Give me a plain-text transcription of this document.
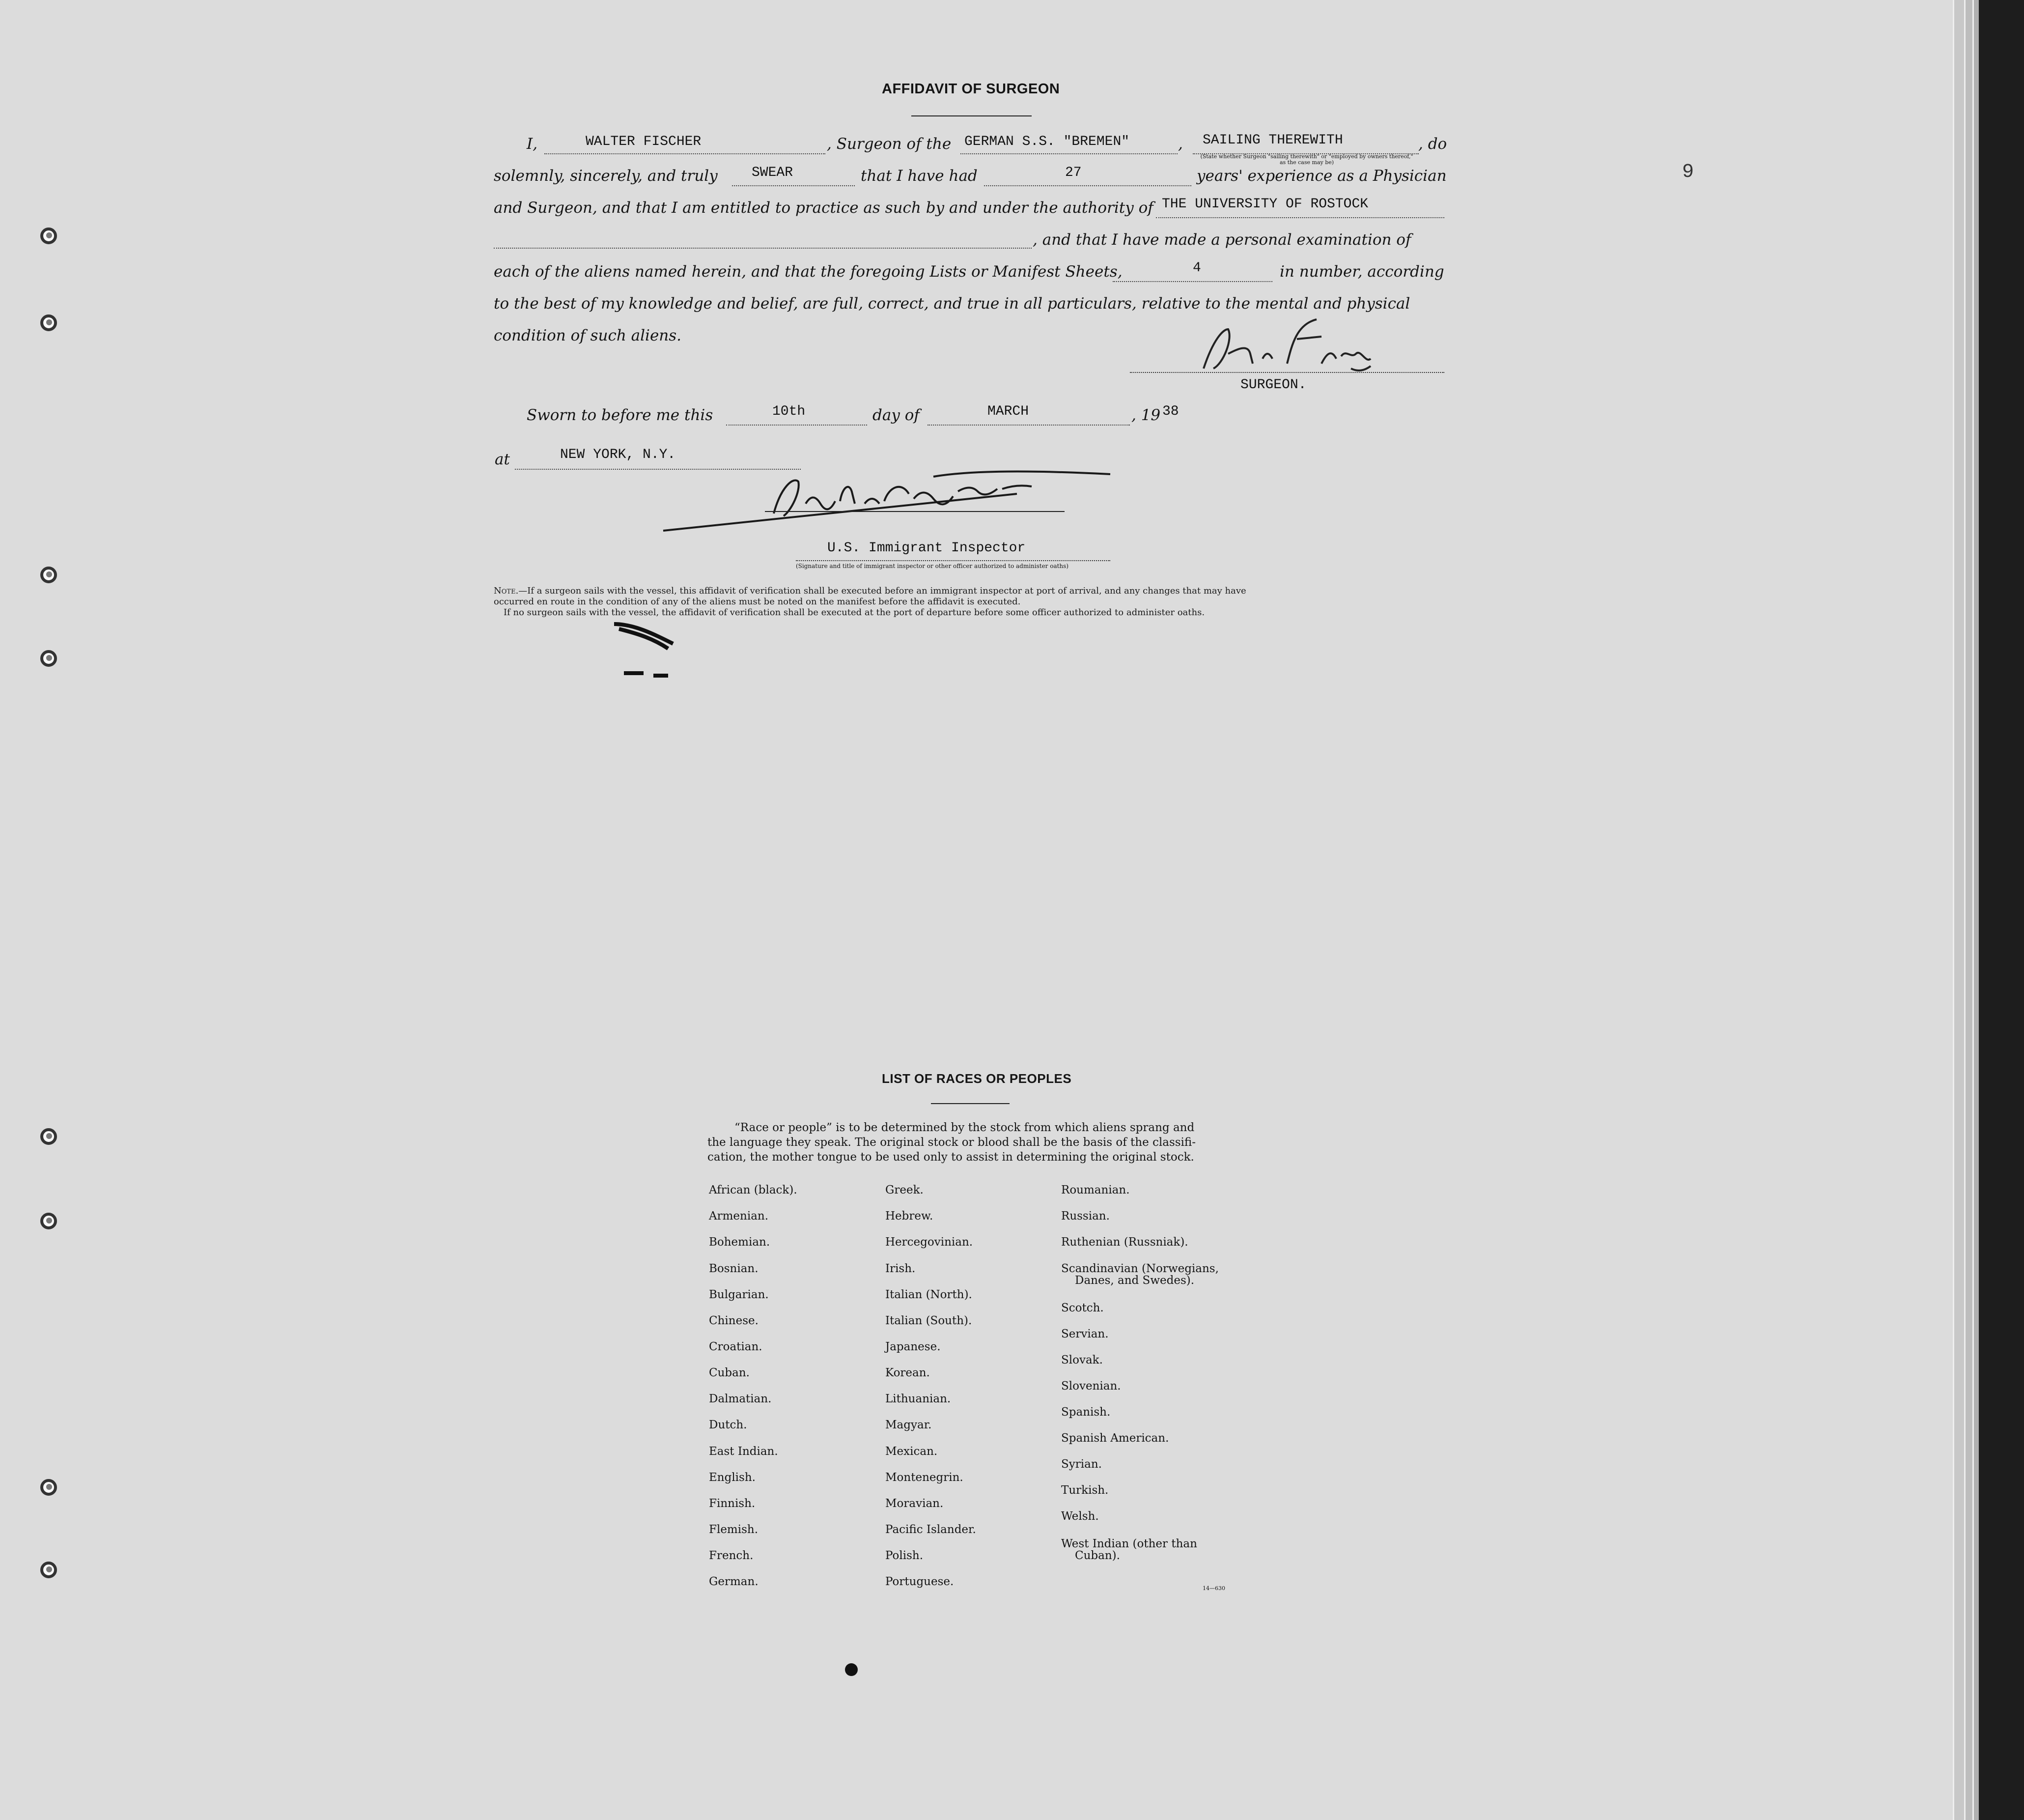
9
AFFIDAVIT OF SURGEON
I,	WALTER FISCHER	, Surgeon of the GERMAN S.S. "BREMEN"	, SAILING THEREWITH	, do
(State whether Surgeon "sailing therewith" or "employed by owners thereof," as the case may be)
solemnly, sincerely, and truly SWEAR	that I have had	27	years' experience as a Physician
and Surgeon, and that I am entitled to practice as such by and under the authority of THE UNIVERSITY OF ROSTOCK
, and that I have made a personal examination of
each of the aliens named herein, and that the foregoing Lists or Manifest Sheets,	4	in number, according
to the best of my knowledge and belief, are full, correct, and true in all particulars, relative to the mental and physical
condition of such aliens.
SURGEON.
Sworn to before me this	10th	day of	MARCH	, 19 38
at	NEW YORK, N.Y.
U.S. Immigrant Inspector
(Signature and title of immigrant inspector or other officer authorized to administer oaths)
Note.—If a surgeon sails with the vessel, this affidavit of verification shall be executed before an immigrant inspector at port of arrival, and any changes that may have
occurred en route in the condition of any of the aliens must be noted on the manifest before the affidavit is executed.
If no surgeon sails with the vessel, the affidavit of verification shall be executed at the port of departure before some officer authorized to administer oaths.
LIST OF RACES OR PEOPLES
“Race or people” is to be determined by the stock from which aliens sprang and
the language they speak. The original stock or blood shall be the basis of the classifi-
cation, the mother tongue to be used only to assist in determining the original stock.
African (black).
Armenian.
Bohemian.
Bosnian.
Bulgarian.
Chinese.
Croatian.
Cuban.
Dalmatian.
Dutch.
East Indian.
English.
Finnish.
Flemish.
French.
German.
Greek.
Hebrew.
Hercegovinian.
Irish.
Italian (North).
Italian (South).
Japanese.
Korean.
Lithuanian.
Magyar.
Mexican.
Montenegrin.
Moravian.
Pacific Islander.
Polish.
Portuguese.
Roumanian.
Russian.
Ruthenian (Russniak).
Scandinavian (Norwegians,
Danes, and Swedes).
Scotch.
Servian.
Slovak.
Slovenian.
Spanish.
Spanish American.
Syrian.
Turkish.
Welsh.
West Indian (other than
Cuban).
14—630
